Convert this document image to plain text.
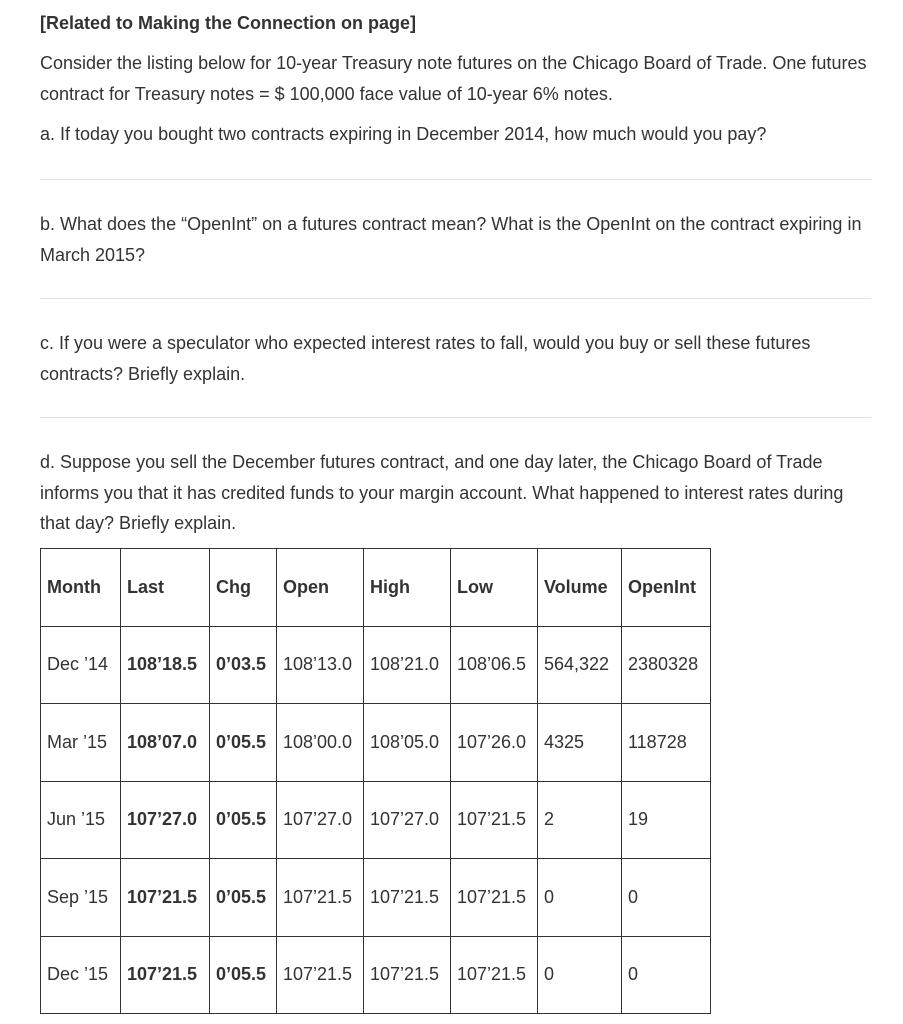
[Related to Making the Connection on page]
Consider the listing below for 10-year Treasury note futures on the Chicago Board of Trade. One futures contract for Treasury notes = $ 100,000 face value of 10-year 6% notes.
a. If today you bought two contracts expiring in December 2014, how much would you pay?
b. What does the “OpenInt” on a futures contract mean? What is the OpenInt on the contract expiring in March 2015?
c. If you were a speculator who expected interest rates to fall, would you buy or sell these futures contracts? Briefly explain.
d. Suppose you sell the December futures contract, and one day later, the Chicago Board of Trade informs you that it has credited funds to your margin account. What happened to interest rates during that day? Briefly explain.
Month	Last	Chg	Open	High	Low	Volume	OpenInt
Dec ’14	108’18.5	0’03.5	108’13.0	108’21.0	108’06.5	564,322	2380328
Mar ’15	108’07.0	0’05.5	108’00.0	108’05.0	107’26.0	4325	118728
Jun ’15	107’27.0	0’05.5	107’27.0	107’27.0	107’21.5	2	19
Sep ’15	107’21.5	0’05.5	107’21.5	107’21.5	107’21.5	0	0
Dec ’15	107’21.5	0’05.5	107’21.5	107’21.5	107’21.5	0	0
